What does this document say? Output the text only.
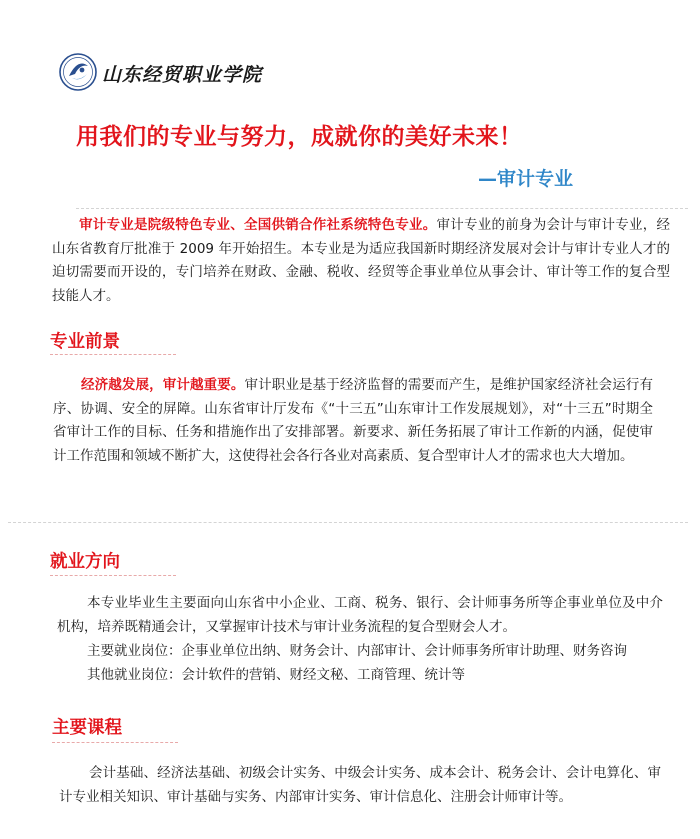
山东经贸职业学院
用我们的专业与努力，成就你的美好未来！
—审计专业
审计专业是院级特色专业、全国供销合作社系统特色专业。审计专业的前身为会计与审计专业，经山东省教育厅批准于 2009 年开始招生。本专业是为适应我国新时期经济发展对会计与审计专业人才的迫切需要而开设的，专门培养在财政、金融、税收、经贸等企事业单位从事会计、审计等工作的复合型技能人才。
专业前景
经济越发展，审计越重要。审计职业是基于经济监督的需要而产生，是维护国家经济社会运行有序、协调、安全的屏障。山东省审计厅发布《“十三五”山东审计工作发展规划》，对“十三五”时期全省审计工作的目标、任务和措施作出了安排部署。新要求、新任务拓展了审计工作新的内涵，促使审计工作范围和领域不断扩大，这使得社会各行各业对高素质、复合型审计人才的需求也大大增加。
就业方向
本专业毕业生主要面向山东省中小企业、工商、税务、银行、会计师事务所等企事业单位及中介机构，培养既精通会计，又掌握审计技术与审计业务流程的复合型财会人才。
主要就业岗位：企事业单位出纳、财务会计、内部审计、会计师事务所审计助理、财务咨询
其他就业岗位：会计软件的营销、财经文秘、工商管理、统计等
主要课程
会计基础、经济法基础、初级会计实务、中级会计实务、成本会计、税务会计、会计电算化、审计专业相关知识、审计基础与实务、内部审计实务、审计信息化、注册会计师审计等。
